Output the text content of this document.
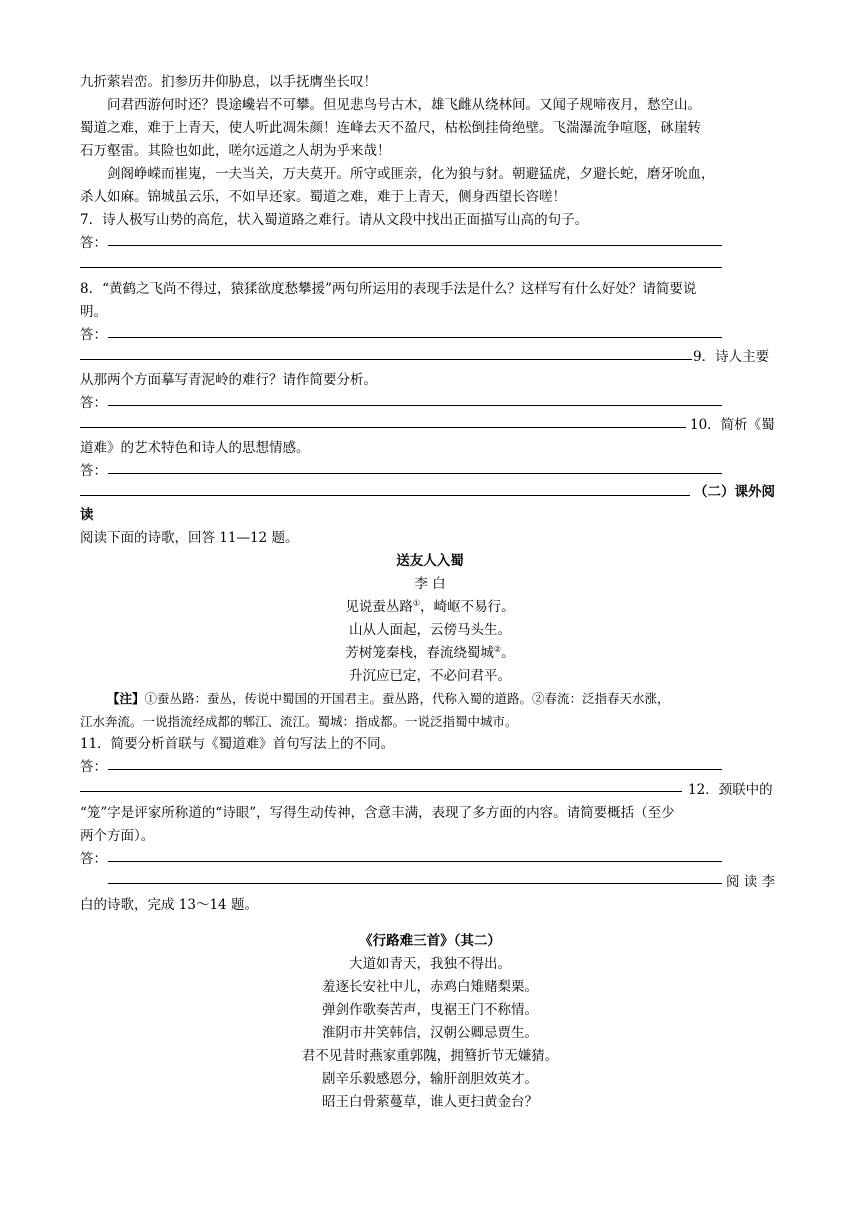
九折萦岩峦。扪参历井仰胁息，以手抚膺坐长叹！
问君西游何时还？畏途巉岩不可攀。但见悲鸟号古木，雄飞雌从绕林间。又闻子规啼夜月，愁空山。
蜀道之难，难于上青天，使人听此凋朱颜！连峰去天不盈尺，枯松倒挂倚绝壁。飞湍瀑流争喧豗，砯崖转
石万壑雷。其险也如此，嗟尔远道之人胡为乎来哉！
剑阁峥嵘而崔嵬，一夫当关，万夫莫开。所守或匪亲，化为狼与豺。朝避猛虎，夕避长蛇，磨牙吮血，
杀人如麻。锦城虽云乐，不如早还家。蜀道之难，难于上青天，侧身西望长咨嗟！
7．诗人极写山势的高危，状入蜀道路之难行。请从文段中找出正面描写山高的句子。
答：
8．“黄鹤之飞尚不得过，猿猱欲度愁攀援”两句所运用的表现手法是什么？这样写有什么好处？请简要说
明。
答：
9．诗人主要
从那两个方面摹写青泥岭的难行？请作简要分析。
答：
10．简析《蜀
道难》的艺术特色和诗人的思想情感。
答：
（二）课外阅
读
阅读下面的诗歌，回答 11—12 题。
送友人入蜀
李 白
见说蚕丛路①，崎岖不易行。
山从人面起，云傍马头生。
芳树笼秦栈，春流绕蜀城②。
升沉应已定，不必问君平。
【注】①蚕丛路：蚕丛，传说中蜀国的开国君主。蚕丛路，代称入蜀的道路。②春流：泛指春天水涨，
江水奔流。一说指流经成都的郫江、流江。蜀城：指成都。一说泛指蜀中城市。
11．简要分析首联与《蜀道难》首句写法上的不同。
答：
12．颈联中的
“笼”字是评家所称道的“诗眼”，写得生动传神，含意丰满，表现了多方面的内容。请简要概括（至少
两个方面）。
答：
阅 读 李
白的诗歌，完成 13～14 题。
《行路难三首》（其二）
大道如青天，我独不得出。
羞逐长安社中儿，赤鸡白雉赌梨栗。
弹剑作歌奏苦声，曳裾王门不称情。
淮阴市井笑韩信，汉朝公卿忌贾生。
君不见昔时燕家重郭隗，拥篲折节无嫌猜。
剧辛乐毅感恩分，输肝剖胆效英才。
昭王白骨萦蔓草，谁人更扫黄金台？
